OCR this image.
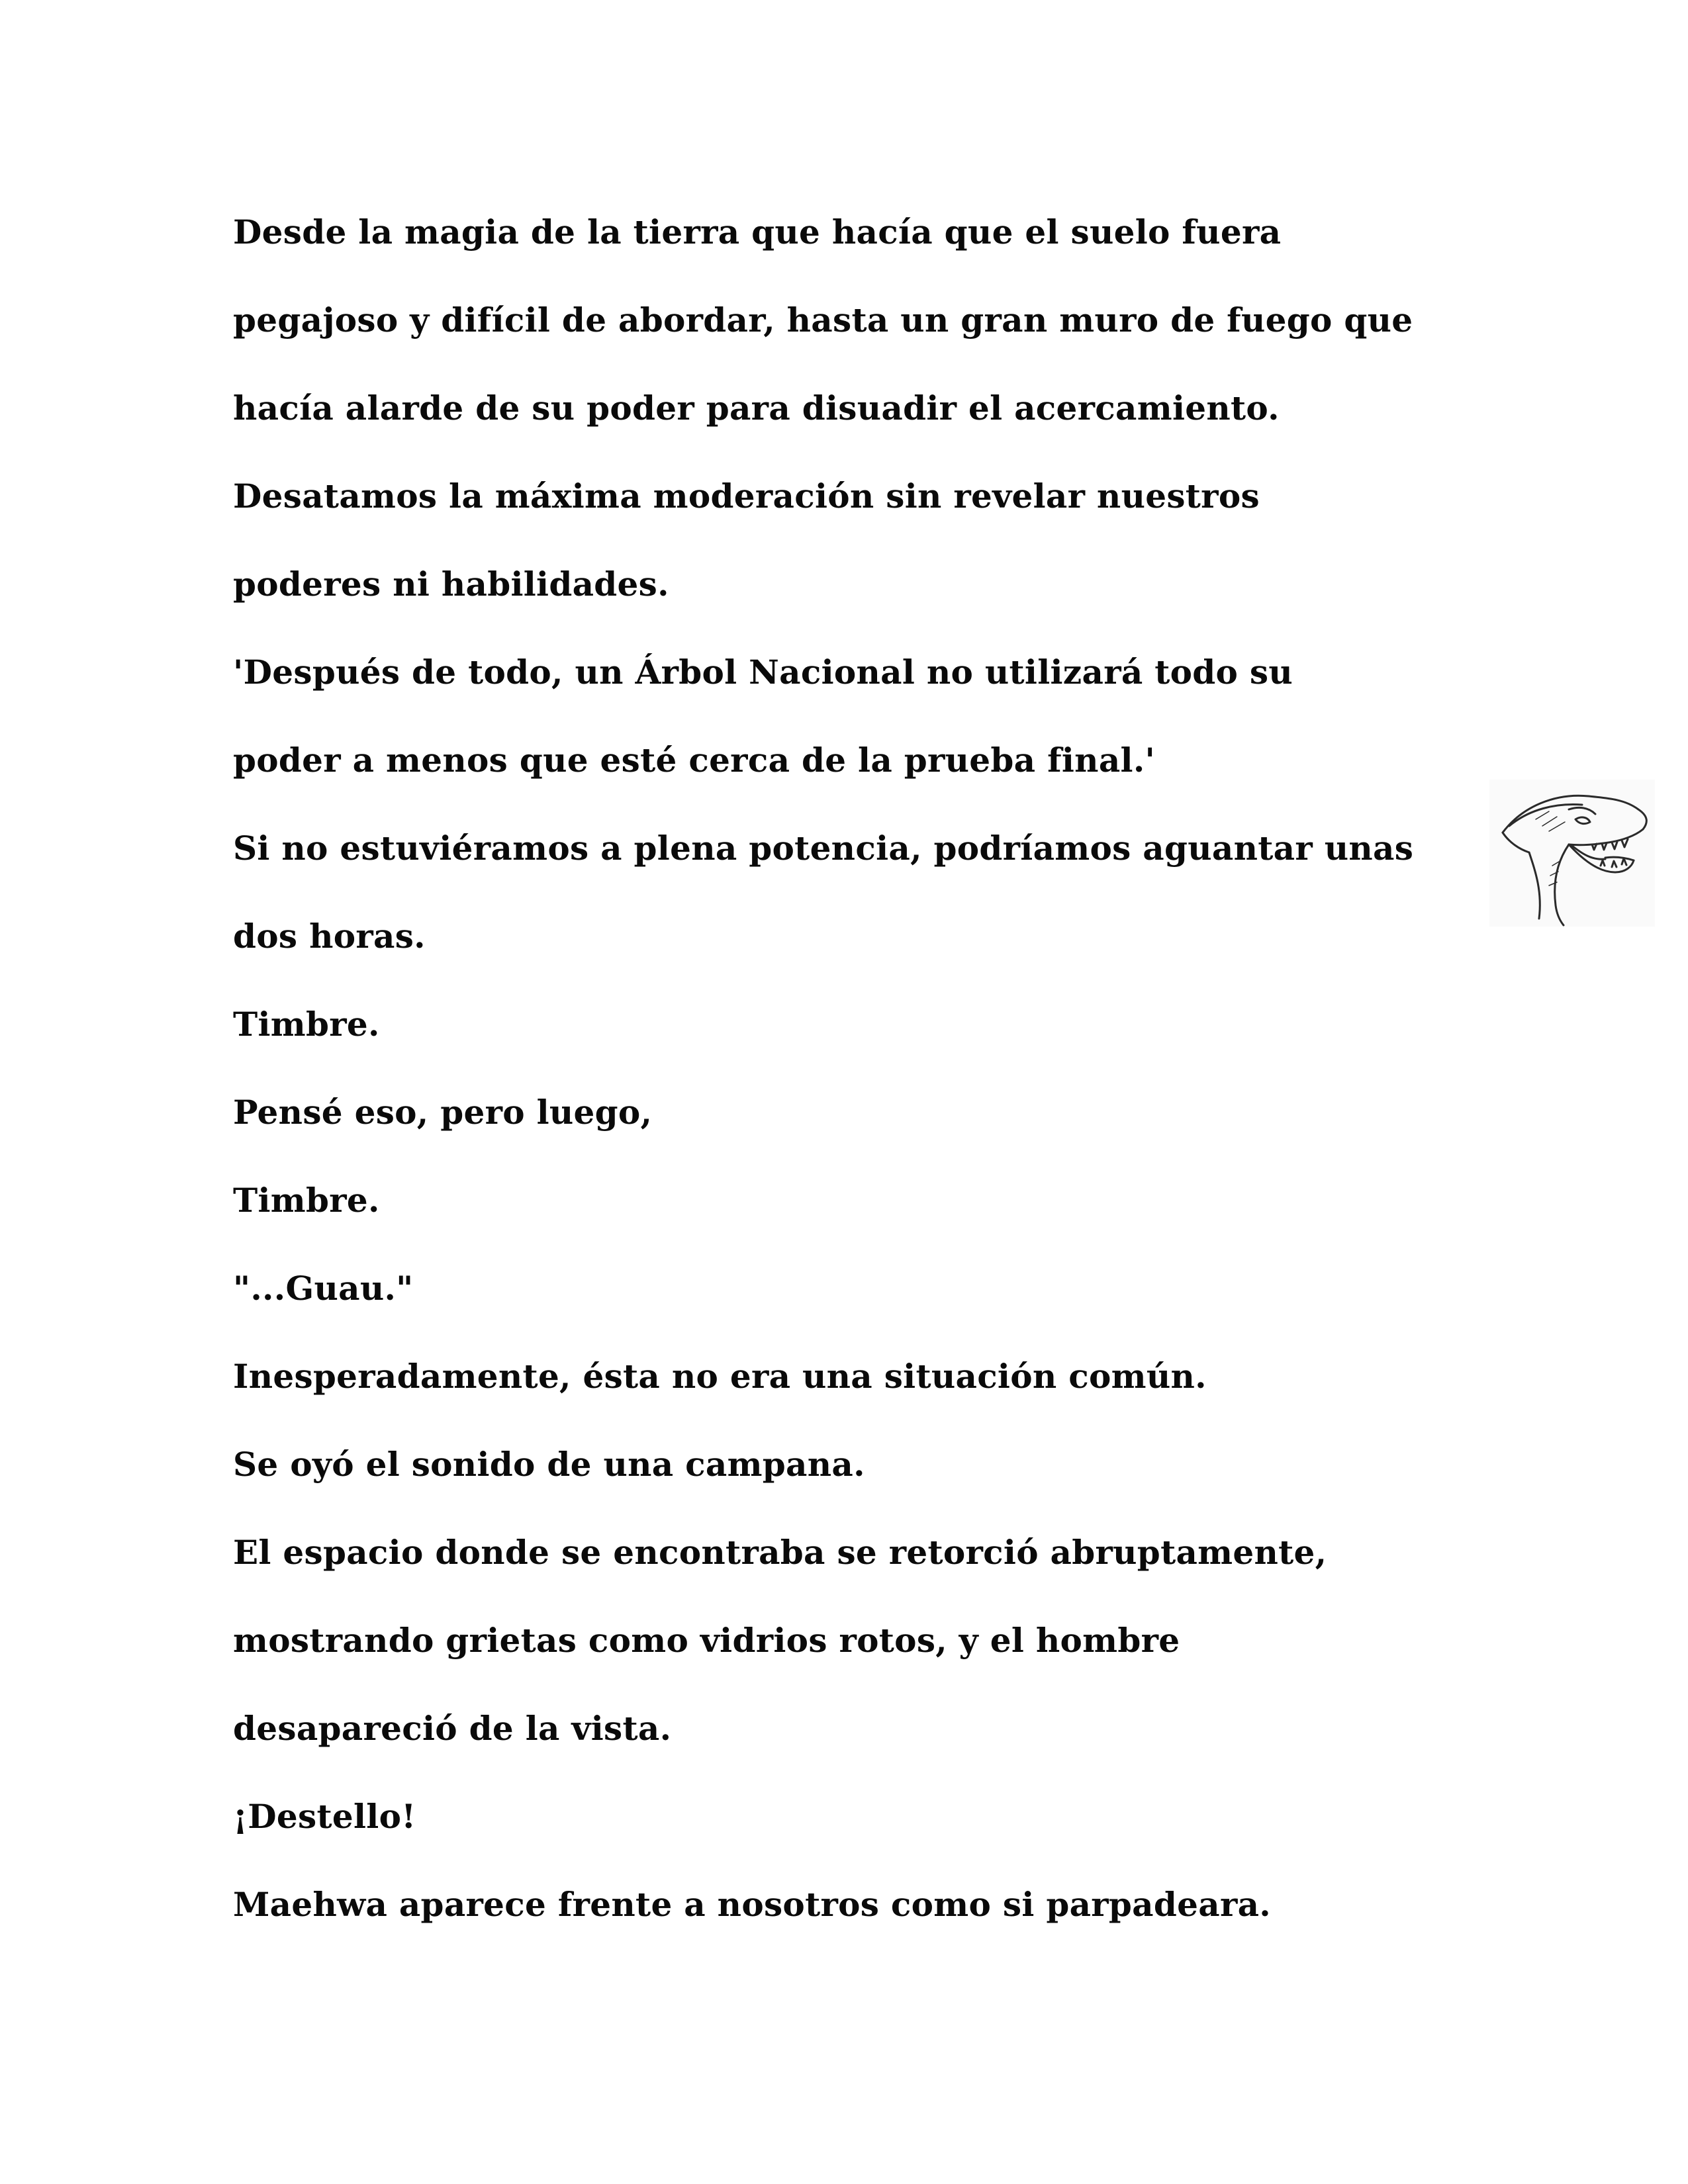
Desde la magia de la tierra que hacía que el suelo fuera
pegajoso y difícil de abordar, hasta un gran muro de fuego que
hacía alarde de su poder para disuadir el acercamiento.
Desatamos la máxima moderación sin revelar nuestros
poderes ni habilidades.
'Después de todo, un Árbol Nacional no utilizará todo su
poder a menos que esté cerca de la prueba final.'
Si no estuviéramos a plena potencia, podríamos aguantar unas
dos horas.
Timbre.
Pensé eso, pero luego,
Timbre.
"...Guau."
Inesperadamente, ésta no era una situación común.
Se oyó el sonido de una campana.
El espacio donde se encontraba se retorció abruptamente,
mostrando grietas como vidrios rotos, y el hombre
desapareció de la vista.
¡Destello!
Maehwa aparece frente a nosotros como si parpadeara.
